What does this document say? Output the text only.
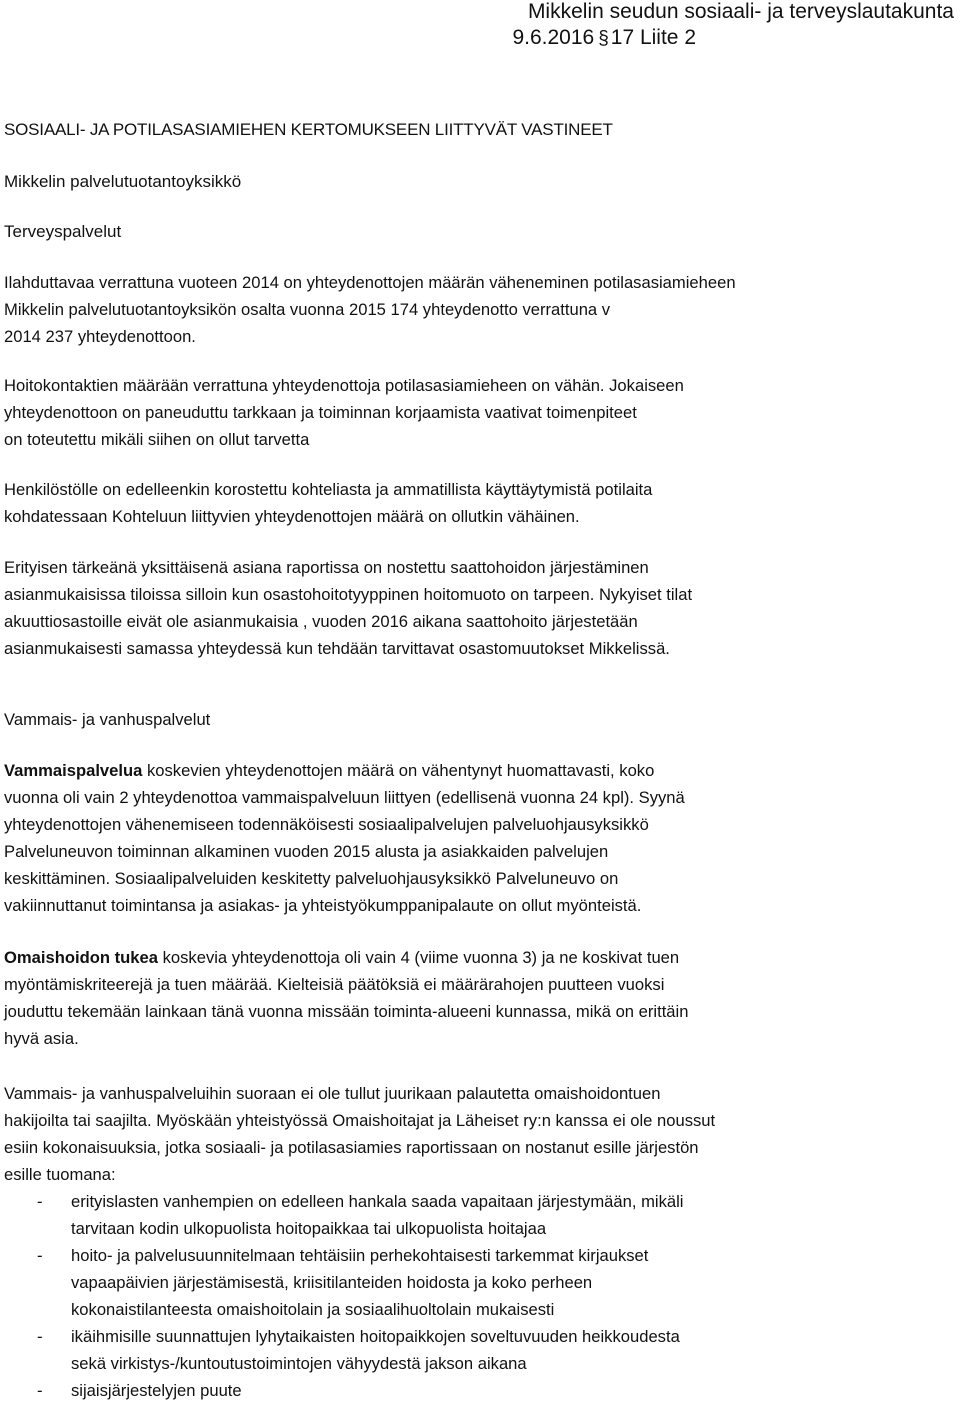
Mikkelin seudun sosiaali- ja terveyslautakunta
9.6.2016 §17 Liite 2
SOSIAALI- JA POTILASASIAMIEHEN KERTOMUKSEEN LIITTYVÄT VASTINEET
Mikkelin palvelutuotantoyksikkö
Terveyspalvelut
Ilahduttavaa verrattuna vuoteen 2014 on yhteydenottojen määrän väheneminen potilasasiamieheen
Mikkelin palvelutuotantoyksikön osalta vuonna 2015 174 yhteydenotto verrattuna v
2014 237 yhteydenottoon.
Hoitokontaktien määrään verrattuna yhteydenottoja potilasasiamieheen on vähän. Jokaiseen
yhteydenottoon on paneuduttu tarkkaan ja toiminnan korjaamista vaativat toimenpiteet
on toteutettu mikäli siihen on ollut tarvetta
Henkilöstölle on edelleenkin korostettu kohteliasta ja ammatillista käyttäytymistä potilaita
kohdatessaan Kohteluun liittyvien yhteydenottojen määrä on ollutkin vähäinen.
Erityisen tärkeänä yksittäisenä asiana raportissa on nostettu saattohoidon järjestäminen
asianmukaisissa tiloissa silloin kun osastohoitotyyppinen hoitomuoto on tarpeen. Nykyiset tilat
akuuttiosastoille eivät ole asianmukaisia , vuoden 2016 aikana saattohoito järjestetään
asianmukaisesti samassa yhteydessä kun tehdään tarvittavat osastomuutokset Mikkelissä.
Vammais- ja vanhuspalvelut
Vammaispalvelua koskevien yhteydenottojen määrä on vähentynyt huomattavasti, koko
vuonna oli vain 2 yhteydenottoa vammaispalveluun liittyen (edellisenä vuonna 24 kpl). Syynä
yhteydenottojen vähenemiseen todennäköisesti sosiaalipalvelujen palveluohjausyksikkö
Palveluneuvon toiminnan alkaminen vuoden 2015 alusta ja asiakkaiden palvelujen
keskittäminen. Sosiaalipalveluiden keskitetty palveluohjausyksikkö Palveluneuvo on
vakiinnuttanut toimintansa ja asiakas- ja yhteistyökumppanipalaute on ollut myönteistä.
Omaishoidon tukea koskevia yhteydenottoja oli vain 4 (viime vuonna 3) ja ne koskivat tuen
myöntämiskriteerejä ja tuen määrää. Kielteisiä päätöksiä ei määrärahojen puutteen vuoksi
jouduttu tekemään lainkaan tänä vuonna missään toiminta-alueeni kunnassa, mikä on erittäin
hyvä asia.
Vammais- ja vanhuspalveluihin suoraan ei ole tullut juurikaan palautetta omaishoidontuen
hakijoilta tai saajilta. Myöskään yhteistyössä Omaishoitajat ja Läheiset ry:n kanssa ei ole noussut
esiin kokonaisuuksia, jotka sosiaali- ja potilasasiamies raportissaan on nostanut esille järjestön
esille tuomana:
- erityislasten vanhempien on edelleen hankala saada vapaitaan järjestymään, mikäli
tarvitaan kodin ulkopuolista hoitopaikkaa tai ulkopuolista hoitajaa
- hoito- ja palvelusuunnitelmaan tehtäisiin perhekohtaisesti tarkemmat kirjaukset
vapaapäivien järjestämisestä, kriisitilanteiden hoidosta ja koko perheen
kokonaistilanteesta omaishoitolain ja sosiaalihuoltolain mukaisesti
- ikäihmisille suunnattujen lyhytaikaisten hoitopaikkojen soveltuvuuden heikkoudesta
sekä virkistys-/kuntoutustoimintojen vähyydestä jakson aikana
- sijaisjärjestelyjen puute
